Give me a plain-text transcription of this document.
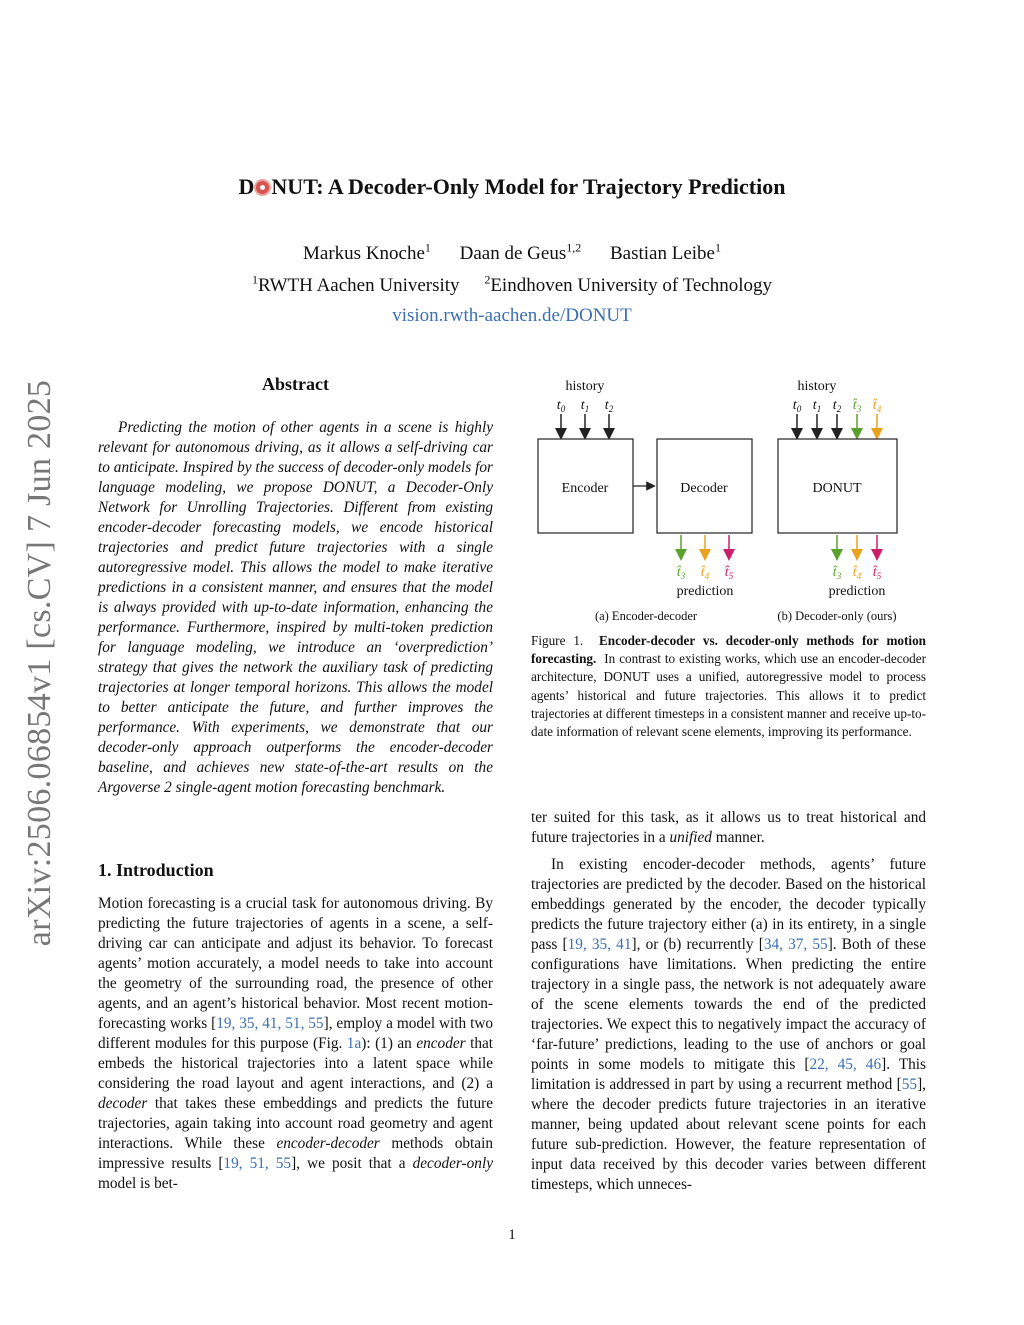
arXiv:2506.06854v1 [cs.CV] 7 Jun 2025
D NUT: A Decoder-Only Model for Trajectory Prediction
Markus Knoche$^1$ Daan de Geus$^{1,2}$ Bastian Leibe$^1$
$^1$RWTH Aachen University $^2$Eindhoven University of Technology
vision.rwth-aachen.de/DONUT
Abstract
Predicting the motion of other agents in a scene is highly relevant for autonomous driving, as it allows a self-driving car to anticipate. Inspired by the success of decoder-only models for language modeling, we propose DONUT, a Decoder-Only Network for Unrolling Trajectories. Different from existing encoder-decoder forecasting models, we encode historical trajectories and predict future trajectories with a single autoregressive model. This allows the model to make iterative predictions in a consistent manner, and ensures that the model is always provided with up-to-date information, enhancing the performance. Furthermore, inspired by multi-token prediction for language modeling, we introduce an ‘overprediction’ strategy that gives the network the auxiliary task of predicting trajectories at longer temporal horizons. This allows the model to better anticipate the future, and further improves the performance. With experiments, we demonstrate that our decoder-only approach outperforms the encoder-decoder baseline, and achieves new state-of-the-art results on the Argoverse 2 single-agent motion forecasting benchmark.
1. Introduction
Motion forecasting is a crucial task for autonomous driving. By predicting the future trajectories of agents in a scene, a self-driving car can anticipate and adjust its behavior. To forecast agents’ motion accurately, a model needs to take into account the geometry of the surrounding road, the presence of other agents, and an agent’s historical behavior. Most recent motion-forecasting works [19, 35, 41, 51, 55], employ a model with two different modules for this purpose (Fig. 1a): (1) an encoder that embeds the historical trajectories into a latent space while considering the road layout and agent interactions, and (2) a decoder that takes these embeddings and predicts the future trajectories, again taking into account road geometry and agent interactions. While these encoder-decoder methods obtain impressive results [19, 51, 55], we posit that a decoder-only model is bet-
history
$t_0$ $t_1$ $t_2$
Encoder	Decoder
$t̂_3$ $t̂_4$ $t̂_5$
prediction
(a) Encoder-decoder
history
$t_0$ $t_1$ $t_2$ $t̂_3$ $t̂_4$
DONUT
$t̂_3$ $t̂_4$ $t̂_5$
prediction
(b) Decoder-only (ours)
Figure 1. Encoder-decoder vs. decoder-only methods for motion forecasting. In contrast to existing works, which use an encoder-decoder architecture, DONUT uses a unified, autoregressive model to process agents’ historical and future trajectories. This allows it to predict trajectories at different timesteps in a consistent manner and receive up-to-date information of relevant scene elements, improving its performance.

ter suited for this task, as it allows us to treat historical and future trajectories in a unified manner.

In existing encoder-decoder methods, agents’ future trajectories are predicted by the decoder. Based on the historical embeddings generated by the encoder, the decoder typically predicts the future trajectory either (a) in its entirety, in a single pass [19, 35, 41], or (b) recurrently [34, 37, 55]. Both of these configurations have limitations. When predicting the entire trajectory in a single pass, the network is not adequately aware of the scene elements towards the end of the predicted trajectories. We expect this to negatively impact the accuracy of ‘far-future’ predictions, leading to the use of anchors or goal points in some models to mitigate this [22, 45, 46]. This limitation is addressed in part by using a recurrent method [55], where the decoder predicts future trajectories in an iterative manner, being updated about relevant scene points for each future sub-prediction. However, the feature representation of input data received by this decoder varies between different timesteps, which unneces-

1
